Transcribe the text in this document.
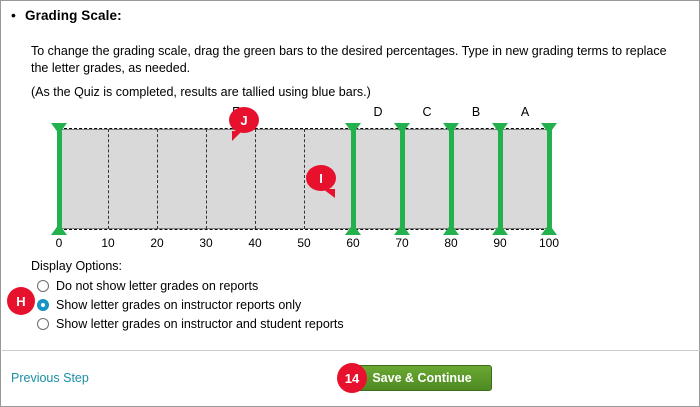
• Grading Scale:

To change the grading scale, drag the green bars to the desired percentages. Type in new grading terms to replace the letter grades, as needed.

(As the Quiz is completed, results are tallied using blue bars.)

D	C	B	A
0	10	20	30	40	50	60	70	80	90	100
J
I
Display Options:
Do not show letter grades on reports
Show letter grades on instructor reports only
Show letter grades on instructor and student reports
H
Previous Step	Save & Continue
14
